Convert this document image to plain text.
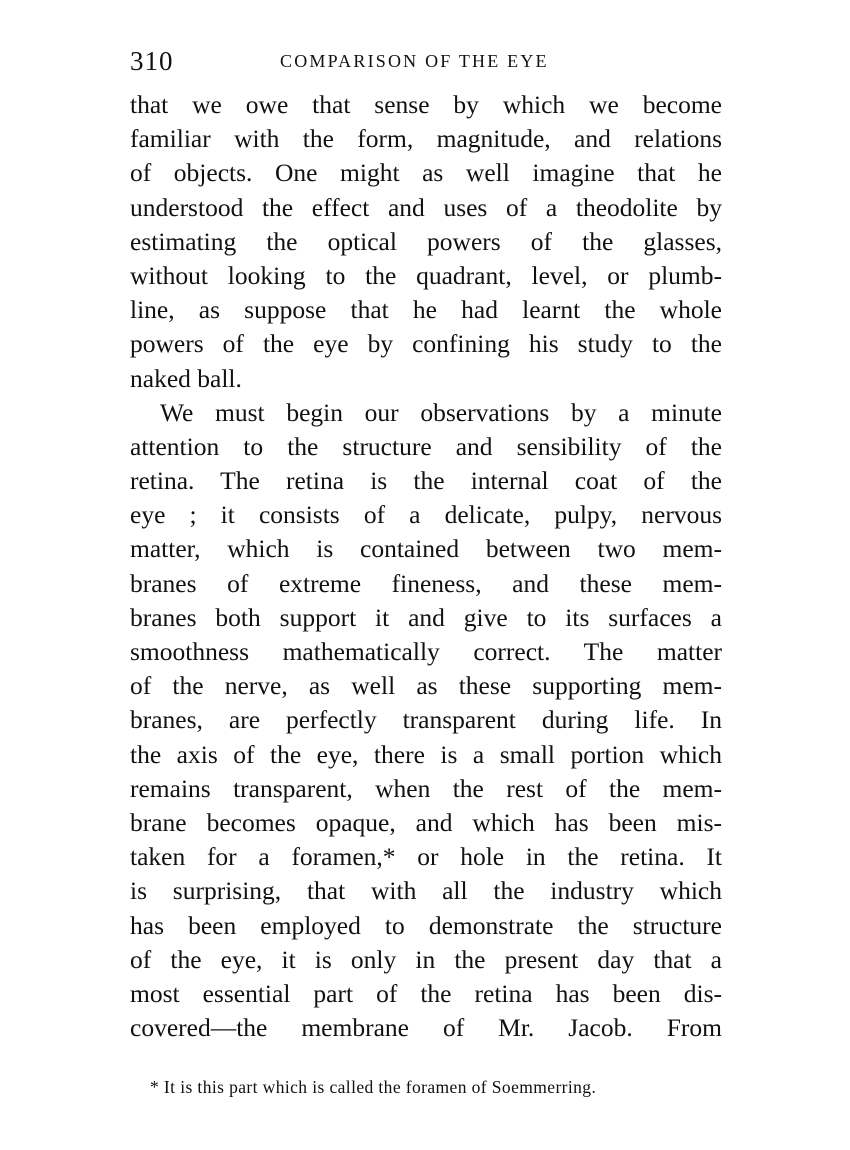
310	COMPARISON OF THE EYE
that we owe that sense by which we become
familiar with the form, magnitude, and relations
of objects. One might as well imagine that he
understood the effect and uses of a theodolite by
estimating the optical powers of the glasses,
without looking to the quadrant, level, or plumb-
line, as suppose that he had learnt the whole
powers of the eye by confining his study to the
naked ball.
We must begin our observations by a minute
attention to the structure and sensibility of the
retina. The retina is the internal coat of the
eye ; it consists of a delicate, pulpy, nervous
matter, which is contained between two mem-
branes of extreme fineness, and these mem-
branes both support it and give to its surfaces a
smoothness mathematically correct. The matter
of the nerve, as well as these supporting mem-
branes, are perfectly transparent during life. In
the axis of the eye, there is a small portion which
remains transparent, when the rest of the mem-
brane becomes opaque, and which has been mis-
taken for a foramen,* or hole in the retina. It
is surprising, that with all the industry which
has been employed to demonstrate the structure
of the eye, it is only in the present day that a
most essential part of the retina has been dis-
covered—the membrane of Mr. Jacob. From
* It is this part which is called the foramen of Soemmerring.
